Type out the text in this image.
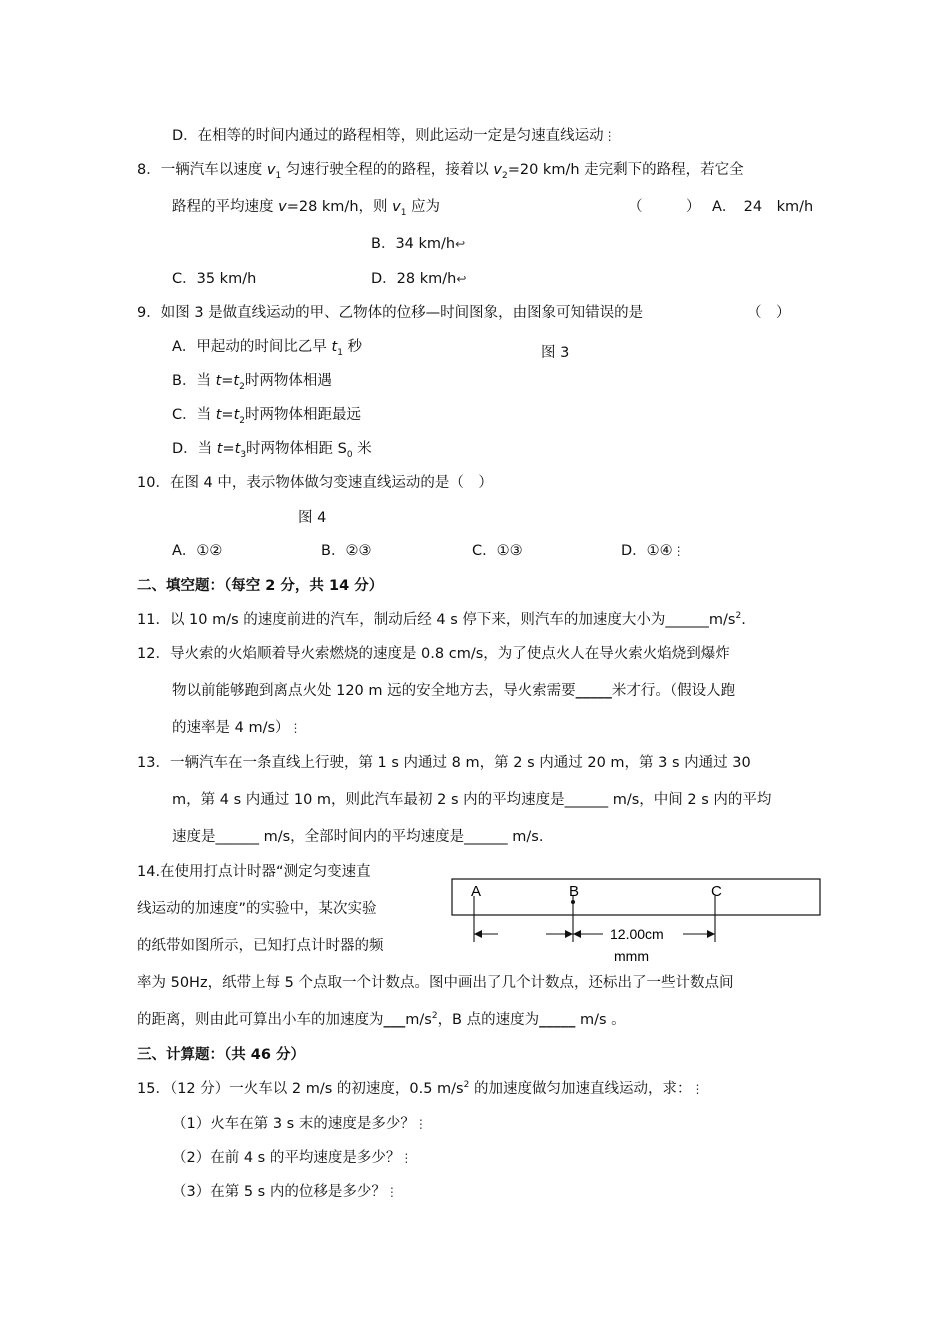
D．在相等的时间内通过的路程相等，则此运动一定是匀速直线运动⋮
8．一辆汽车以速度 $v_1$ 匀速行驶全程的的路程，接着以 $v_2=20$ km/h 走完剩下的路程，若它全
路程的平均速度 v=28 km/h，则 $v_1$ 应为	（　　　） A．　24　km/h
B．34 km/h↩
C．35 km/h	D．28 km/h↩
9．如图 3 是做直线运动的甲、乙物体的位移—时间图象，由图象可知错误的是	（　）
A．甲起动的时间比乙早 $t_1$ 秒	图 3
B．当 $t=t_2$时两物体相遇
C．当 $t=t_2$时两物体相距最远
D．当 $t=t_3$时两物体相距 $S_0$ 米
10．在图 4 中，表示物体做匀变速直线运动的是（　）
图 4
A．①②	B．②③	C．①③	D．①④⋮
二、填空题：（每空 2 分，共 14 分）
11．以 10 m/s 的速度前进的汽车，制动后经 4 s 停下来，则汽车的加速度大小为$\_\_\_\_\_\_m/s^2$.
12．导火索的火焰顺着导火索燃烧的速度是 0.8 cm/s，为了使点火人在导火索火焰烧到爆炸
物以前能够跑到离点火处 120 m 远的安全地方去，导火索需要_____米才行。（假设人跑
的速率是 4 m/s）⋮
13．一辆汽车在一条直线上行驶，第 1 s 内通过 8 m，第 2 s 内通过 20 m，第 3 s 内通过 30
m，第 4 s 内通过 10 m，则此汽车最初 2 s 内的平均速度是______ m/s，中间 2 s 内的平均
速度是______ m/s，全部时间内的平均速度是______ m/s.
14.在使用打点计时器“测定匀变速直
线运动的加速度”的实验中，某次实验
的纸带如图所示，已知打点计时器的频
率为 50Hz，纸带上每 5 个点取一个计数点。图中画出了几个计数点，还标出了一些计数点间
的距离，则由此可算出小车的加速度为$\_\_\_m/s^2$，B 点的速度为_____ m/s 。
A	B	C
12.00cm
mmm
三、计算题：（共 46 分）
15．（12 分）一火车以 2 m/s 的初速度，0.5 $m/s^2$ 的加速度做匀加速直线运动，求：⋮
（1）火车在第 3 s 末的速度是多少？⋮
（2）在前 4 s 的平均速度是多少？⋮
（3）在第 5 s 内的位移是多少？⋮
